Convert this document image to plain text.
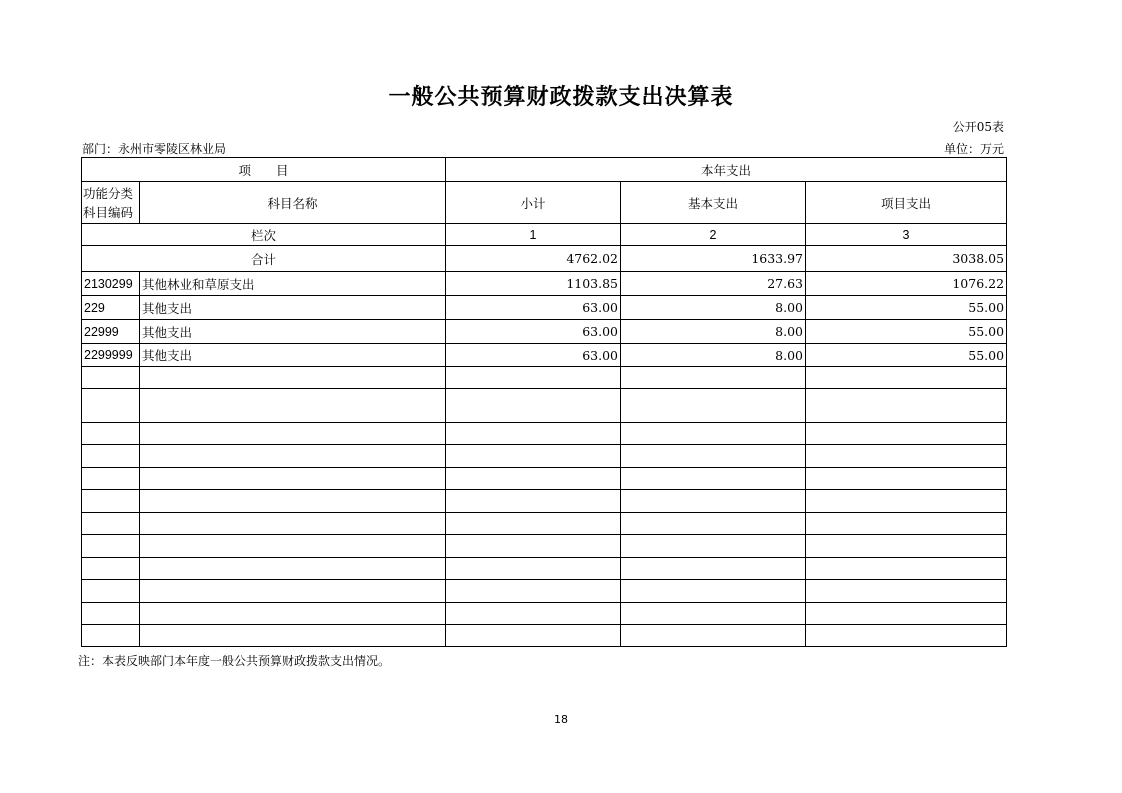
一般公共预算财政拨款支出决算表
公开05表
部门：永州市零陵区林业局	单位：万元
项　　目		本年支出		
功能分类科目编码	科目名称	小计	基本支出	项目支出
栏次		1	2	3
合计		4762.02	1633.97	3038.05
2130299	其他林业和草原支出	1103.85	27.63	1076.22
229	其他支出	63.00	8.00	55.00
22999	其他支出	63.00	8.00	55.00
2299999	其他支出	63.00	8.00	55.00

注：本表反映部门本年度一般公共预算财政拨款支出情况。
18
